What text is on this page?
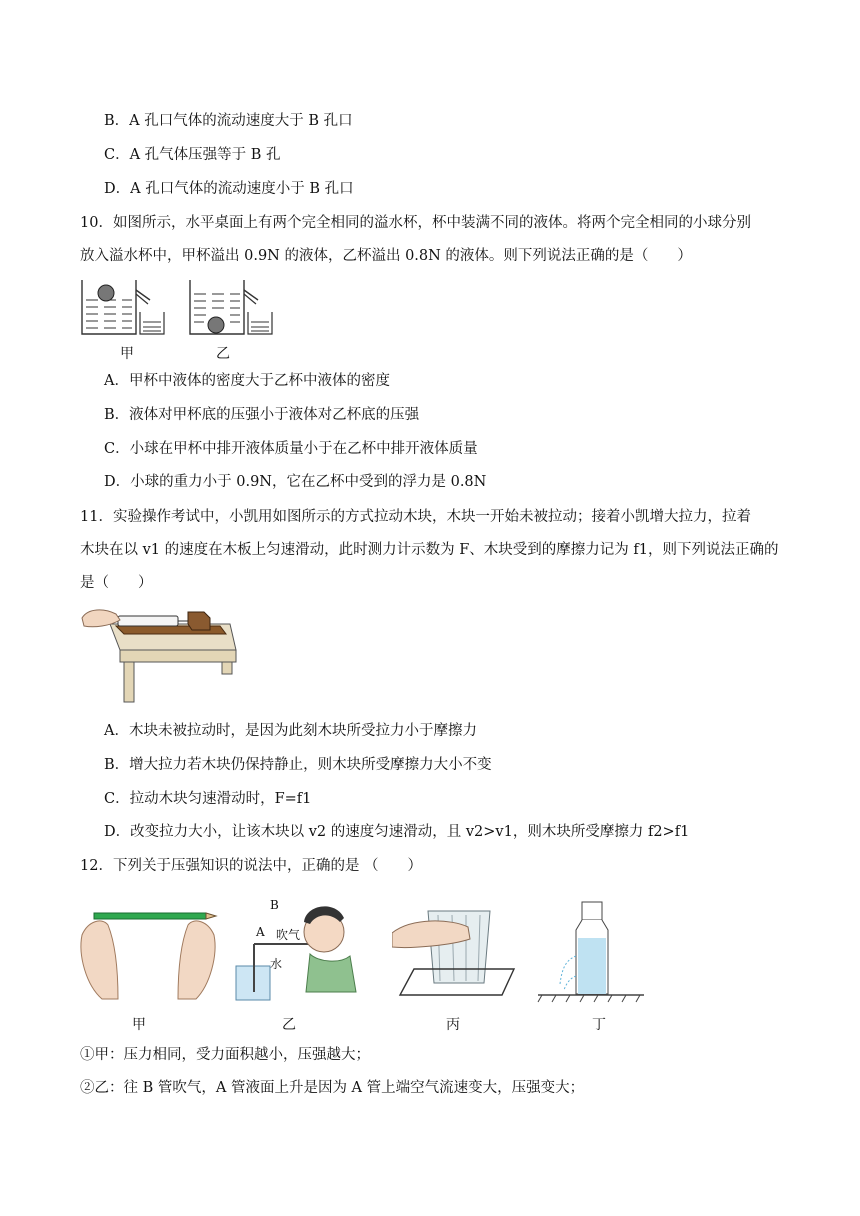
B．A 孔口气体的流动速度大于 B 孔口
C．A 孔气体压强等于 B 孔
D．A 孔口气体的流动速度小于 B 孔口
10．如图所示，水平桌面上有两个完全相同的溢水杯，杯中装满不同的液体。将两个完全相同的小球分别
放入溢水杯中，甲杯溢出 0.9N 的液体，乙杯溢出 0.8N 的液体。则下列说法正确的是（　　）
甲	乙
A．甲杯中液体的密度大于乙杯中液体的密度
B．液体对甲杯底的压强小于液体对乙杯底的压强
C．小球在甲杯中排开液体质量小于在乙杯中排开液体质量
D．小球的重力小于 0.9N，它在乙杯中受到的浮力是 0.8N
11．实验操作考试中，小凯用如图所示的方式拉动木块，木块一开始未被拉动；接着小凯增大拉力，拉着
木块在以 v1 的速度在木板上匀速滑动，此时测力计示数为 F、木块受到的摩擦力记为 f1，则下列说法正确的
是（　　）
A．木块未被拉动时，是因为此刻木块所受拉力小于摩擦力
B．增大拉力若木块仍保持静止，则木块所受摩擦力大小不变
C．拉动木块匀速滑动时，F=f1
D．改变拉力大小，让该木块以 v2 的速度匀速滑动，且 v2>v1，则木块所受摩擦力 f2>f1
12．下列关于压强知识的说法中，正确的是 （　　）
甲
B
A 吹气
水
乙	丙	丁
①甲：压力相同，受力面积越小，压强越大；
②乙：往 B 管吹气，A 管液面上升是因为 A 管上端空气流速变大，压强变大；
